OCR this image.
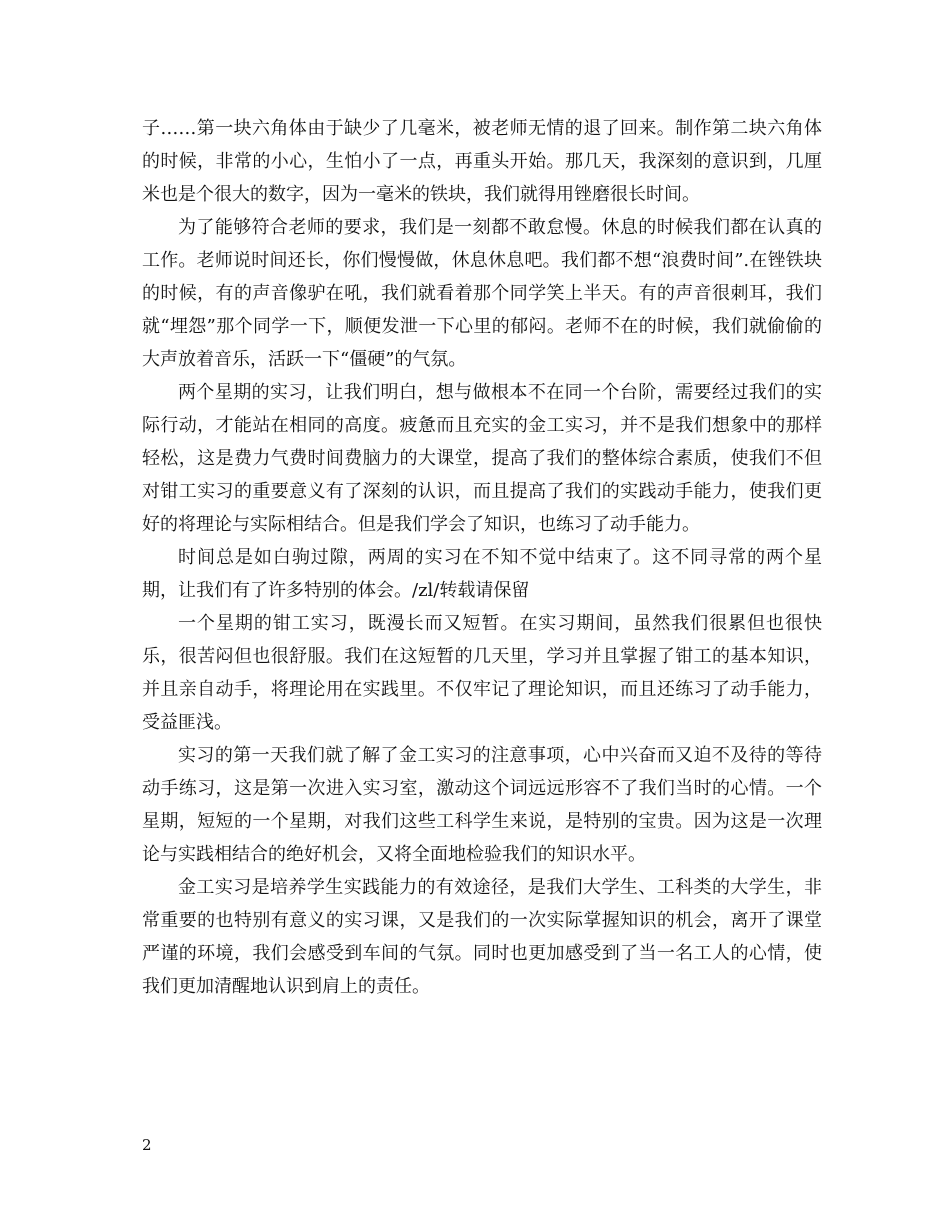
子……第一块六角体由于缺少了几毫米，被老师无情的退了回来。制作第二块六角体的时候，非常的小心，生怕小了一点，再重头开始。那几天，我深刻的意识到，几厘米也是个很大的数字，因为一毫米的铁块，我们就得用锉磨很长时间。

为了能够符合老师的要求，我们是一刻都不敢怠慢。休息的时候我们都在认真的工作。老师说时间还长，你们慢慢做，休息休息吧。我们都不想“浪费时间”.在锉铁块的时候，有的声音像驴在吼，我们就看着那个同学笑上半天。有的声音很刺耳，我们就“埋怨”那个同学一下，顺便发泄一下心里的郁闷。老师不在的时候，我们就偷偷的大声放着音乐，活跃一下“僵硬”的气氛。

两个星期的实习，让我们明白，想与做根本不在同一个台阶，需要经过我们的实际行动，才能站在相同的高度。疲惫而且充实的金工实习，并不是我们想象中的那样轻松，这是费力气费时间费脑力的大课堂，提高了我们的整体综合素质，使我们不但对钳工实习的重要意义有了深刻的认识，而且提高了我们的实践动手能力，使我们更好的将理论与实际相结合。但是我们学会了知识，也练习了动手能力。

时间总是如白驹过隙，两周的实习在不知不觉中结束了。这不同寻常的两个星期，让我们有了许多特别的体会。/zl/转载请保留

一个星期的钳工实习，既漫长而又短暂。在实习期间，虽然我们很累但也很快乐，很苦闷但也很舒服。我们在这短暂的几天里，学习并且掌握了钳工的基本知识，并且亲自动手，将理论用在实践里。不仅牢记了理论知识，而且还练习了动手能力，受益匪浅。

实习的第一天我们就了解了金工实习的注意事项，心中兴奋而又迫不及待的等待动手练习，这是第一次进入实习室，激动这个词远远形容不了我们当时的心情。一个星期，短短的一个星期，对我们这些工科学生来说，是特别的宝贵。因为这是一次理论与实践相结合的绝好机会，又将全面地检验我们的知识水平。

金工实习是培养学生实践能力的有效途径，是我们大学生、工科类的大学生，非常重要的也特别有意义的实习课，又是我们的一次实际掌握知识的机会，离开了课堂严谨的环境，我们会感受到车间的气氛。同时也更加感受到了当一名工人的心情，使我们更加清醒地认识到肩上的责任。

2
